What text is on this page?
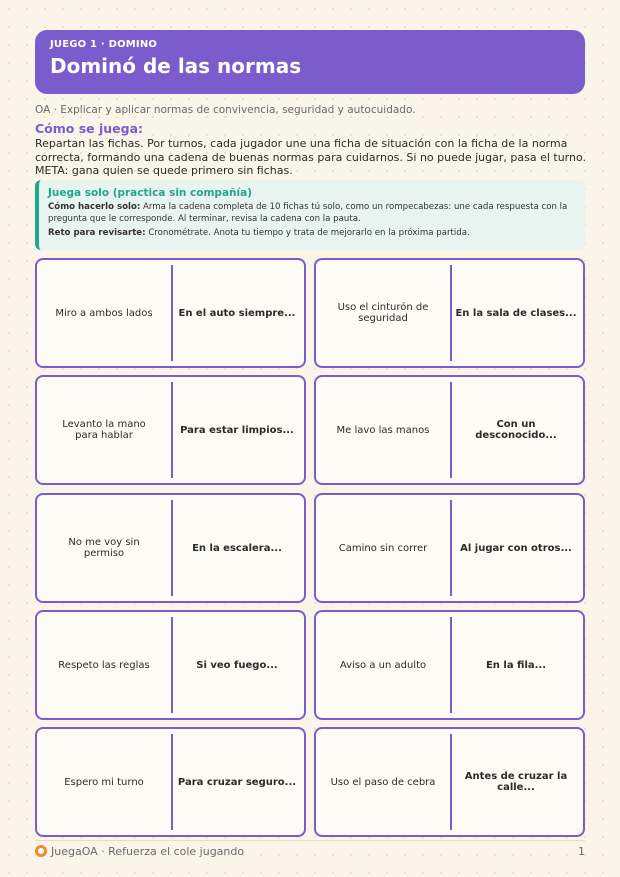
JUEGO 1 · DOMINO
Dominó de las normas
OA · Explicar y aplicar normas de convivencia, seguridad y autocuidado.
Cómo se juega:
Repartan las fichas. Por turnos, cada jugador une una ficha de situación con la ficha de la norma correcta, formando una cadena de buenas normas para cuidarnos. Si no puede jugar, pasa el turno. META: gana quien se quede primero sin fichas.
Juega solo (practica sin compañía)

Cómo hacerlo solo: Arma la cadena completa de 10 fichas tú solo, como un rompecabezas: une cada respuesta con la pregunta que le corresponde. Al terminar, revisa la cadena con la pauta.

Reto para revisarte: Cronométrate. Anota tu tiempo y trata de mejorarlo en la próxima partida.

Miro a ambos lados	En el auto siempre...	Uso el cinturón de seguridad	En la sala de clases...
Levanto la mano para hablar	Para estar limpios...	Me lavo las manos	Con un desconocido...
No me voy sin permiso	En la escalera...	Camino sin correr	Al jugar con otros...
Respeto las reglas	Si veo fuego...	Aviso a un adulto	En la fila...
Espero mi turno	Para cruzar seguro...	Uso el paso de cebra	Antes de cruzar la calle...
JuegaOA · Refuerza el cole jugando	1
